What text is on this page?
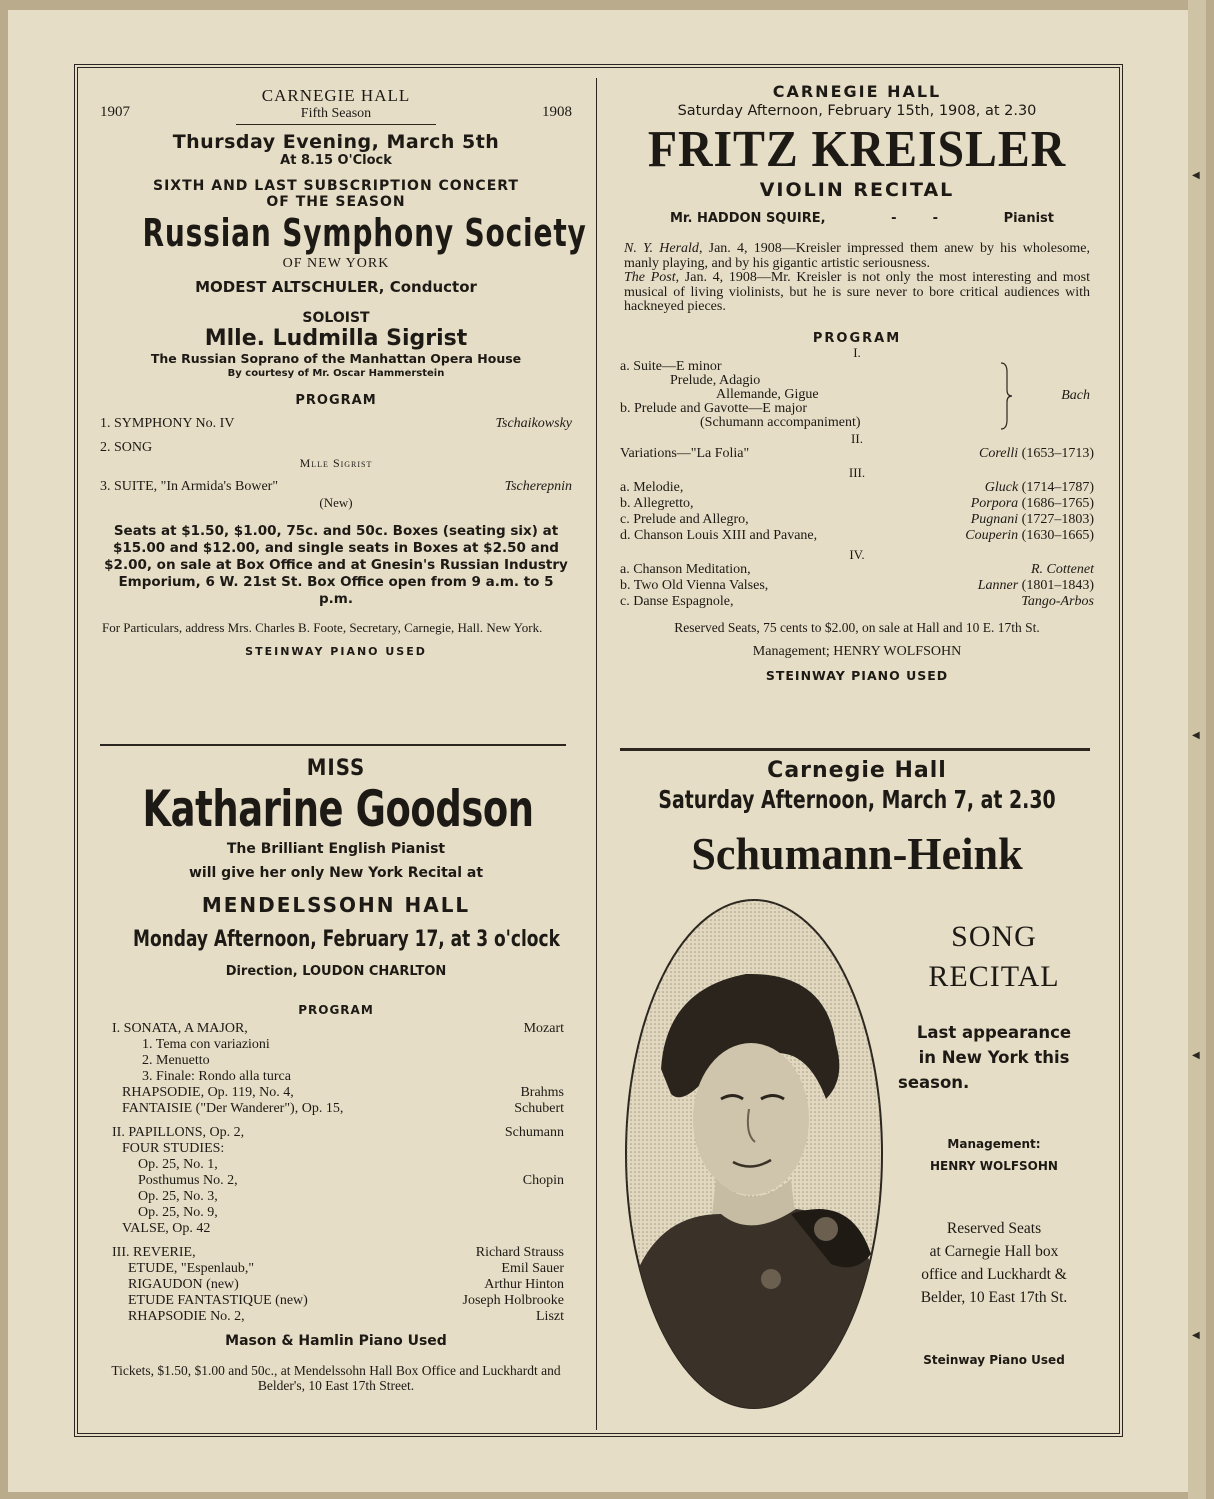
1907
CARNEGIE HALL
Fifth Season	1908
Thursday Evening, March 5th
At 8.15 O'Clock
SIXTH AND LAST SUBSCRIPTION CONCERT
OF THE SEASON
Russian Symphony Society
OF NEW YORK
MODEST ALTSCHULER, Conductor
SOLOIST
Mlle. Ludmilla Sigrist
The Russian Soprano of the Manhattan Opera House
By courtesy of Mr. Oscar Hammerstein
PROGRAM
1. SYMPHONY No. IV	Tschaikowsky
2. SONG
Mlle Sigrist
3. SUITE, "In Armida's Bower"	Tscherepnin
(New)
Seats at $1.50, $1.00, 75c. and 50c. Boxes (seating six) at $15.00 and $12.00, and single seats in Boxes at $2.50 and $2.00, on sale at Box Office and at Gnesin's Russian Industry Emporium, 6 W. 21st St. Box Office open from 9 a.m. to 5 p.m.
For Particulars, address Mrs. Charles B. Foote, Secretary, Carnegie, Hall. New York.
STEINWAY PIANO USED
MISS
Katharine Goodson
The Brilliant English Pianist
will give her only New York Recital at
MENDELSSOHN HALL
Monday Afternoon, February 17, at 3 o'clock
Direction, LOUDON CHARLTON
PROGRAM
I. SONATA, A MAJOR,	Mozart
1. Tema con variazioni
2. Menuetto
3. Finale: Rondo alla turca
RHAPSODIE, Op. 119, No. 4,	Brahms
FANTAISIE ("Der Wanderer"), Op. 15,	Schubert
II. PAPILLONS, Op. 2,	Schumann
FOUR STUDIES:
Op. 25, No. 1,
Posthumus No. 2,	Chopin
Op. 25, No. 3,
Op. 25, No. 9,
VALSE, Op. 42
III. REVERIE,	Richard Strauss
ETUDE, "Espenlaub,"	Emil Sauer
RIGAUDON (new)	Arthur Hinton
ETUDE FANTASTIQUE (new)	Joseph Holbrooke
RHAPSODIE No. 2,	Liszt
Mason & Hamlin Piano Used
Tickets, $1.50, $1.00 and 50c., at Mendelssohn Hall Box Office and Luckhardt and Belder's, 10 East 17th Street.
CARNEGIE HALL
Saturday Afternoon, February 15th, 1908, at 2.30
FRITZ KREISLER
VIOLIN RECITAL
Mr. HADDON SQUIRE,	-        -	Pianist
N. Y. Herald, Jan. 4, 1908—Kreisler impressed them anew by his wholesome, manly playing, and by his gigantic artistic seriousness.
The Post, Jan. 4, 1908—Mr. Kreisler is not only the most interesting and most musical of living violinists, but he is sure never to bore critical audiences with hackneyed pieces.
PROGRAM
I.
a. Suite—E minor
Prelude, Adagio
Allemande, Gigue
b. Prelude and Gavotte—E major
(Schumann accompaniment)
Bach
II.
Variations—"La Folia"	Corelli (1653–1713)
III.
a. Melodie,	Gluck (1714–1787)
b. Allegretto,	Porpora (1686–1765)
c. Prelude and Allegro,	Pugnani (1727–1803)
d. Chanson Louis XIII and Pavane,	Couperin (1630–1665)
IV.
a. Chanson Meditation,	R. Cottenet
b. Two Old Vienna Valses,	Lanner (1801–1843)
c. Danse Espagnole,	Tango-Arbos
Reserved Seats, 75 cents to $2.00, on sale at Hall and 10 E. 17th St.
Management; HENRY WOLFSOHN
STEINWAY PIANO USED
Carnegie Hall
Saturday Afternoon, March 7, at 2.30
Schumann-Heink
SONG
RECITAL
Last appearance
in New York this
season.
Management:
HENRY WOLFSOHN
Reserved Seats
at Carnegie Hall box
office and Luckhardt &
Belder, 10 East 17th St.
Steinway Piano Used
◀
◀
◀
◀
